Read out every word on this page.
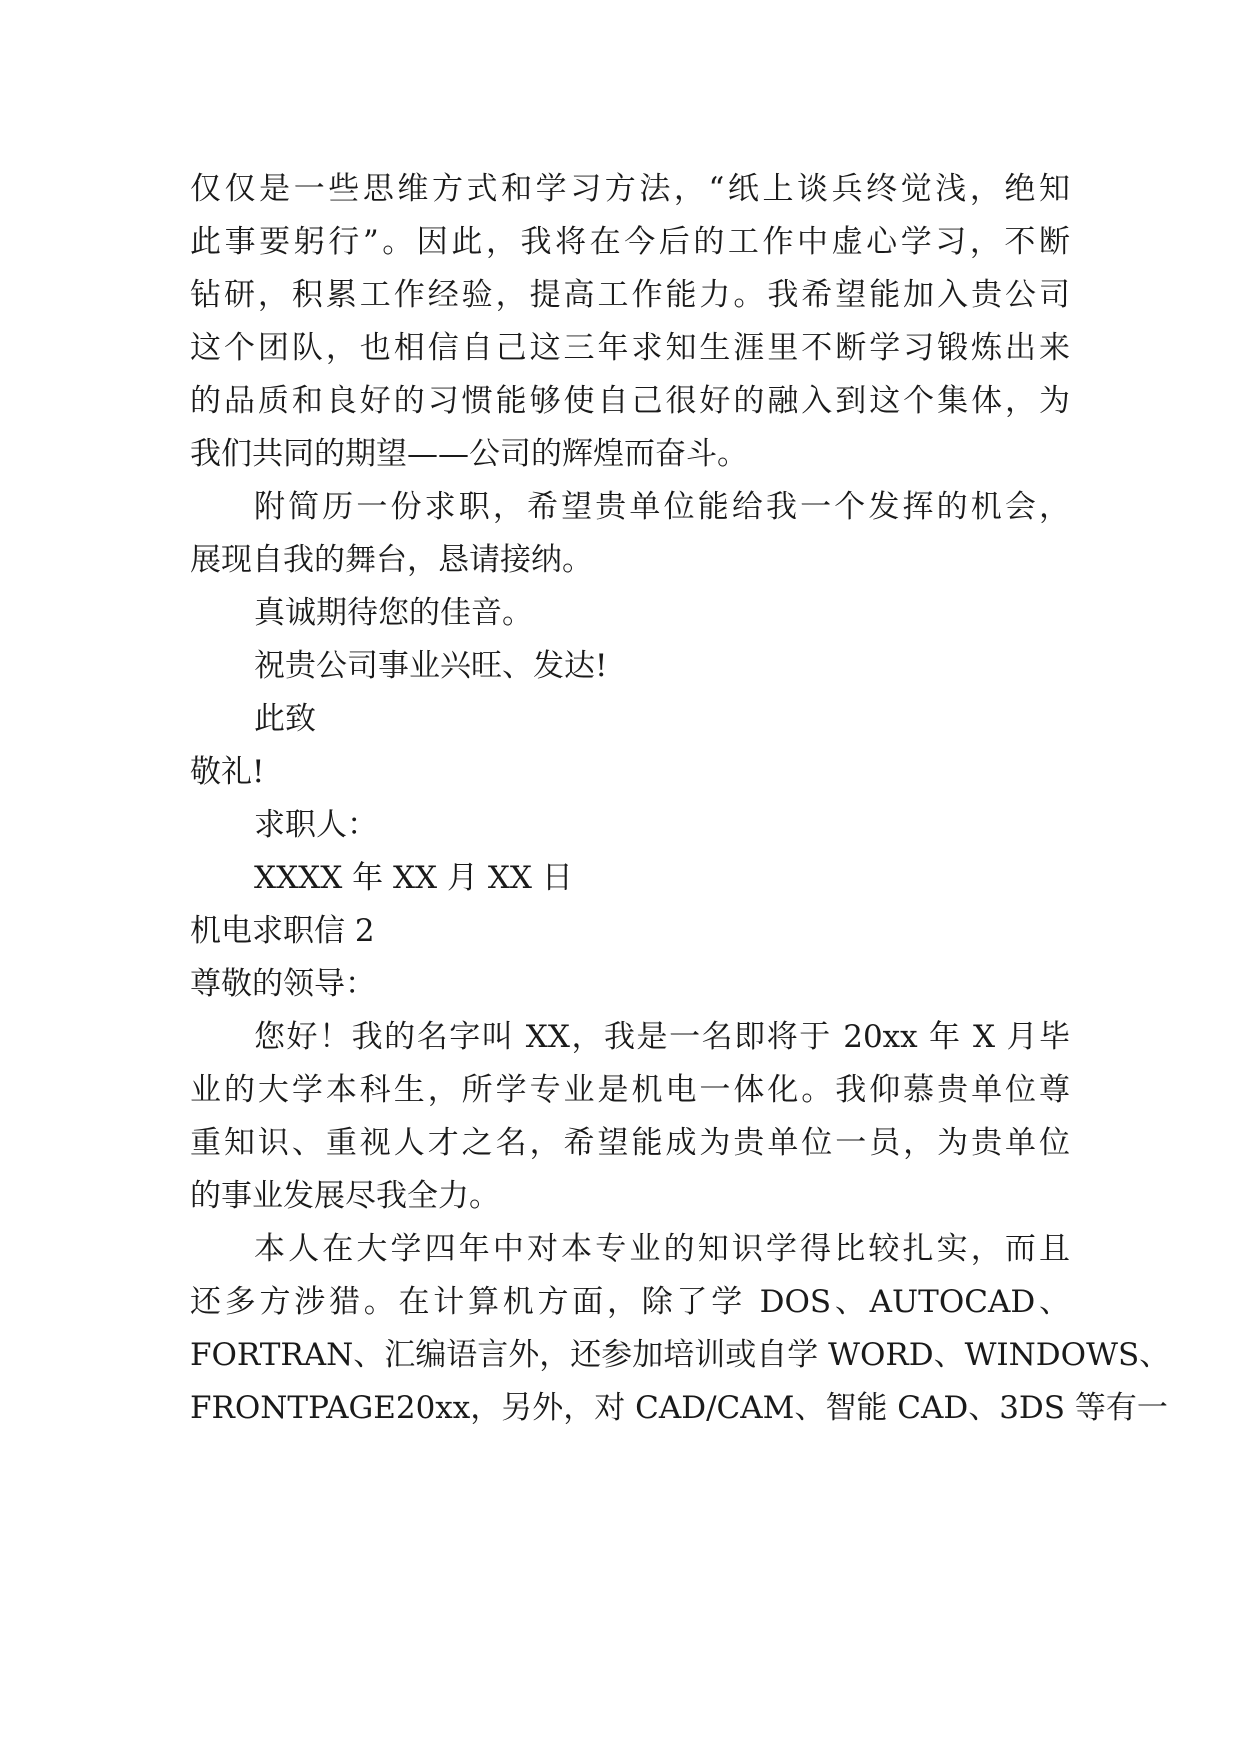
仅仅是一些思维方式和学习方法，“纸上谈兵终觉浅，绝知
此事要躬行”。因此，我将在今后的工作中虚心学习，不断
钻研，积累工作经验，提高工作能力。我希望能加入贵公司
这个团队，也相信自己这三年求知生涯里不断学习锻炼出来
的品质和良好的习惯能够使自己很好的融入到这个集体，为
我们共同的期望——公司的辉煌而奋斗。
附简历一份求职，希望贵单位能给我一个发挥的机会，
展现自我的舞台，恳请接纳。
真诚期待您的佳音。
祝贵公司事业兴旺、发达!
此致
敬礼!
求职人：
XXXX 年 XX 月 XX 日
机电求职信 2
尊敬的领导：
您好！我的名字叫 XX，我是一名即将于 20xx 年 X 月毕
业的大学本科生，所学专业是机电一体化。我仰慕贵单位尊
重知识、重视人才之名，希望能成为贵单位一员，为贵单位
的事业发展尽我全力。
本人在大学四年中对本专业的知识学得比较扎实，而且
还多方涉猎。在计算机方面，除了学 DOS、AUTOCAD、
FORTRAN、汇编语言外，还参加培训或自学 WORD、WINDOWS、
FRONTPAGE20xx，另外，对 CAD/CAM、智能 CAD、3DS 等有一
